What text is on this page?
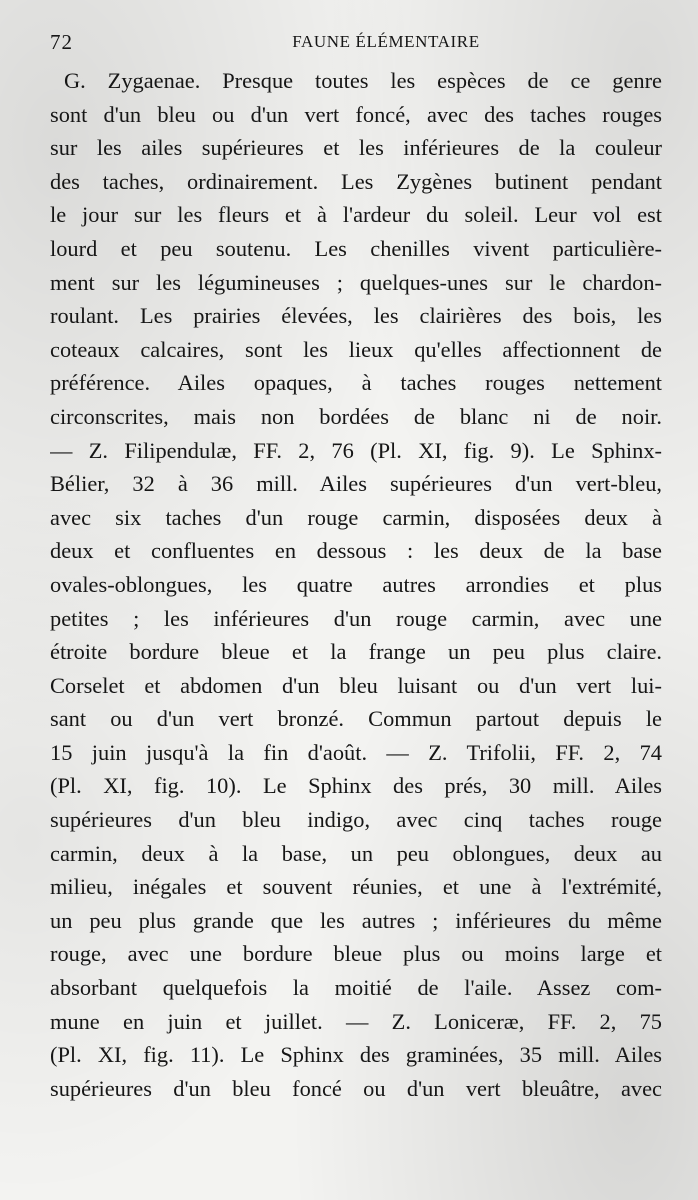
72	FAUNE ÉLÉMENTAIRE
G. Zygaenae. Presque toutes les espèces de ce genre
sont d'un bleu ou d'un vert foncé, avec des taches rouges
sur les ailes supérieures et les inférieures de la couleur
des taches, ordinairement. Les Zygènes butinent pendant
le jour sur les fleurs et à l'ardeur du soleil. Leur vol est
lourd et peu soutenu. Les chenilles vivent particulière-
ment sur les légumineuses ; quelques-unes sur le chardon-
roulant. Les prairies élevées, les clairières des bois, les
coteaux calcaires, sont les lieux qu'elles affectionnent de
préférence. Ailes opaques, à taches rouges nettement
circonscrites, mais non bordées de blanc ni de noir.
— Z. Filipendulæ, FF. 2, 76 (Pl. XI, fig. 9). Le Sphinx-
Bélier, 32 à 36 mill. Ailes supérieures d'un vert-bleu,
avec six taches d'un rouge carmin, disposées deux à
deux et confluentes en dessous : les deux de la base
ovales-oblongues, les quatre autres arrondies et plus
petites ; les inférieures d'un rouge carmin, avec une
étroite bordure bleue et la frange un peu plus claire.
Corselet et abdomen d'un bleu luisant ou d'un vert lui-
sant ou d'un vert bronzé. Commun partout depuis le
15 juin jusqu'à la fin d'août. — Z. Trifolii, FF. 2, 74
(Pl. XI, fig. 10). Le Sphinx des prés, 30 mill. Ailes
supérieures d'un bleu indigo, avec cinq taches rouge
carmin, deux à la base, un peu oblongues, deux au
milieu, inégales et souvent réunies, et une à l'extrémité,
un peu plus grande que les autres ; inférieures du même
rouge, avec une bordure bleue plus ou moins large et
absorbant quelquefois la moitié de l'aile. Assez com-
mune en juin et juillet. — Z. Loniceræ, FF. 2, 75
(Pl. XI, fig. 11). Le Sphinx des graminées, 35 mill. Ailes
supérieures d'un bleu foncé ou d'un vert bleuâtre, avec
